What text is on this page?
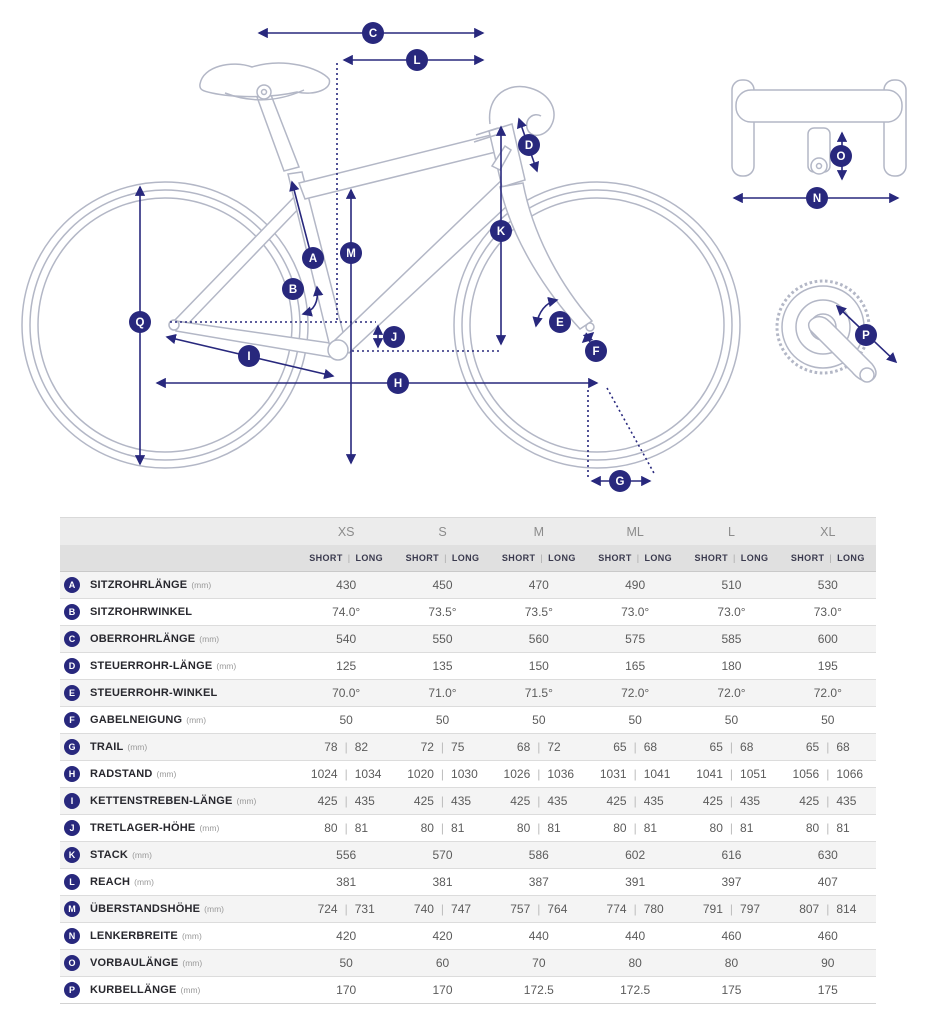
C
L
D
K
A	M
B
Q	E
F
J
I
H
G
O
N
P
XS	S	M	ML	L	XL
SHORT | LONG	SHORT | LONG	SHORT | LONG	SHORT | LONG	SHORT | LONG	SHORT | LONG
A	SITZROHRLÄNGE (mm)	430	450	470	490	510	530
B	SITZROHRWINKEL	74.0°	73.5°	73.5°	73.0°	73.0°	73.0°
C	OBERROHRLÄNGE (mm)	540	550	560	575	585	600
D	STEUERROHR-LÄNGE (mm)	125	135	150	165	180	195
E	STEUERROHR-WINKEL	70.0°	71.0°	71.5°	72.0°	72.0°	72.0°
F	GABELNEIGUNG (mm)	50	50	50	50	50	50
G	TRAIL (mm)	78 | 82	72 | 75	68 | 72	65 | 68	65 | 68	65 | 68
H	RADSTAND (mm)	1024 | 1034	1020 | 1030	1026 | 1036	1031 | 1041	1041 | 1051	1056 | 1066
I	KETTENSTREBEN-LÄNGE (mm)	425 | 435	425 | 435	425 | 435	425 | 435	425 | 435	425 | 435
J	TRETLAGER-HÖHE (mm)	80 | 81	80 | 81	80 | 81	80 | 81	80 | 81	80 | 81
K	STACK (mm)	556	570	586	602	616	630
L	REACH (mm)	381	381	387	391	397	407
M	ÜBERSTANDSHÖHE (mm)	724 | 731	740 | 747	757 | 764	774 | 780	791 | 797	807 | 814
N	LENKERBREITE (mm)	420	420	440	440	460	460
O	VORBAULÄNGE (mm)	50	60	70	80	80	90
P	KURBELLÄNGE (mm)	170	170	172.5	172.5	175	175
